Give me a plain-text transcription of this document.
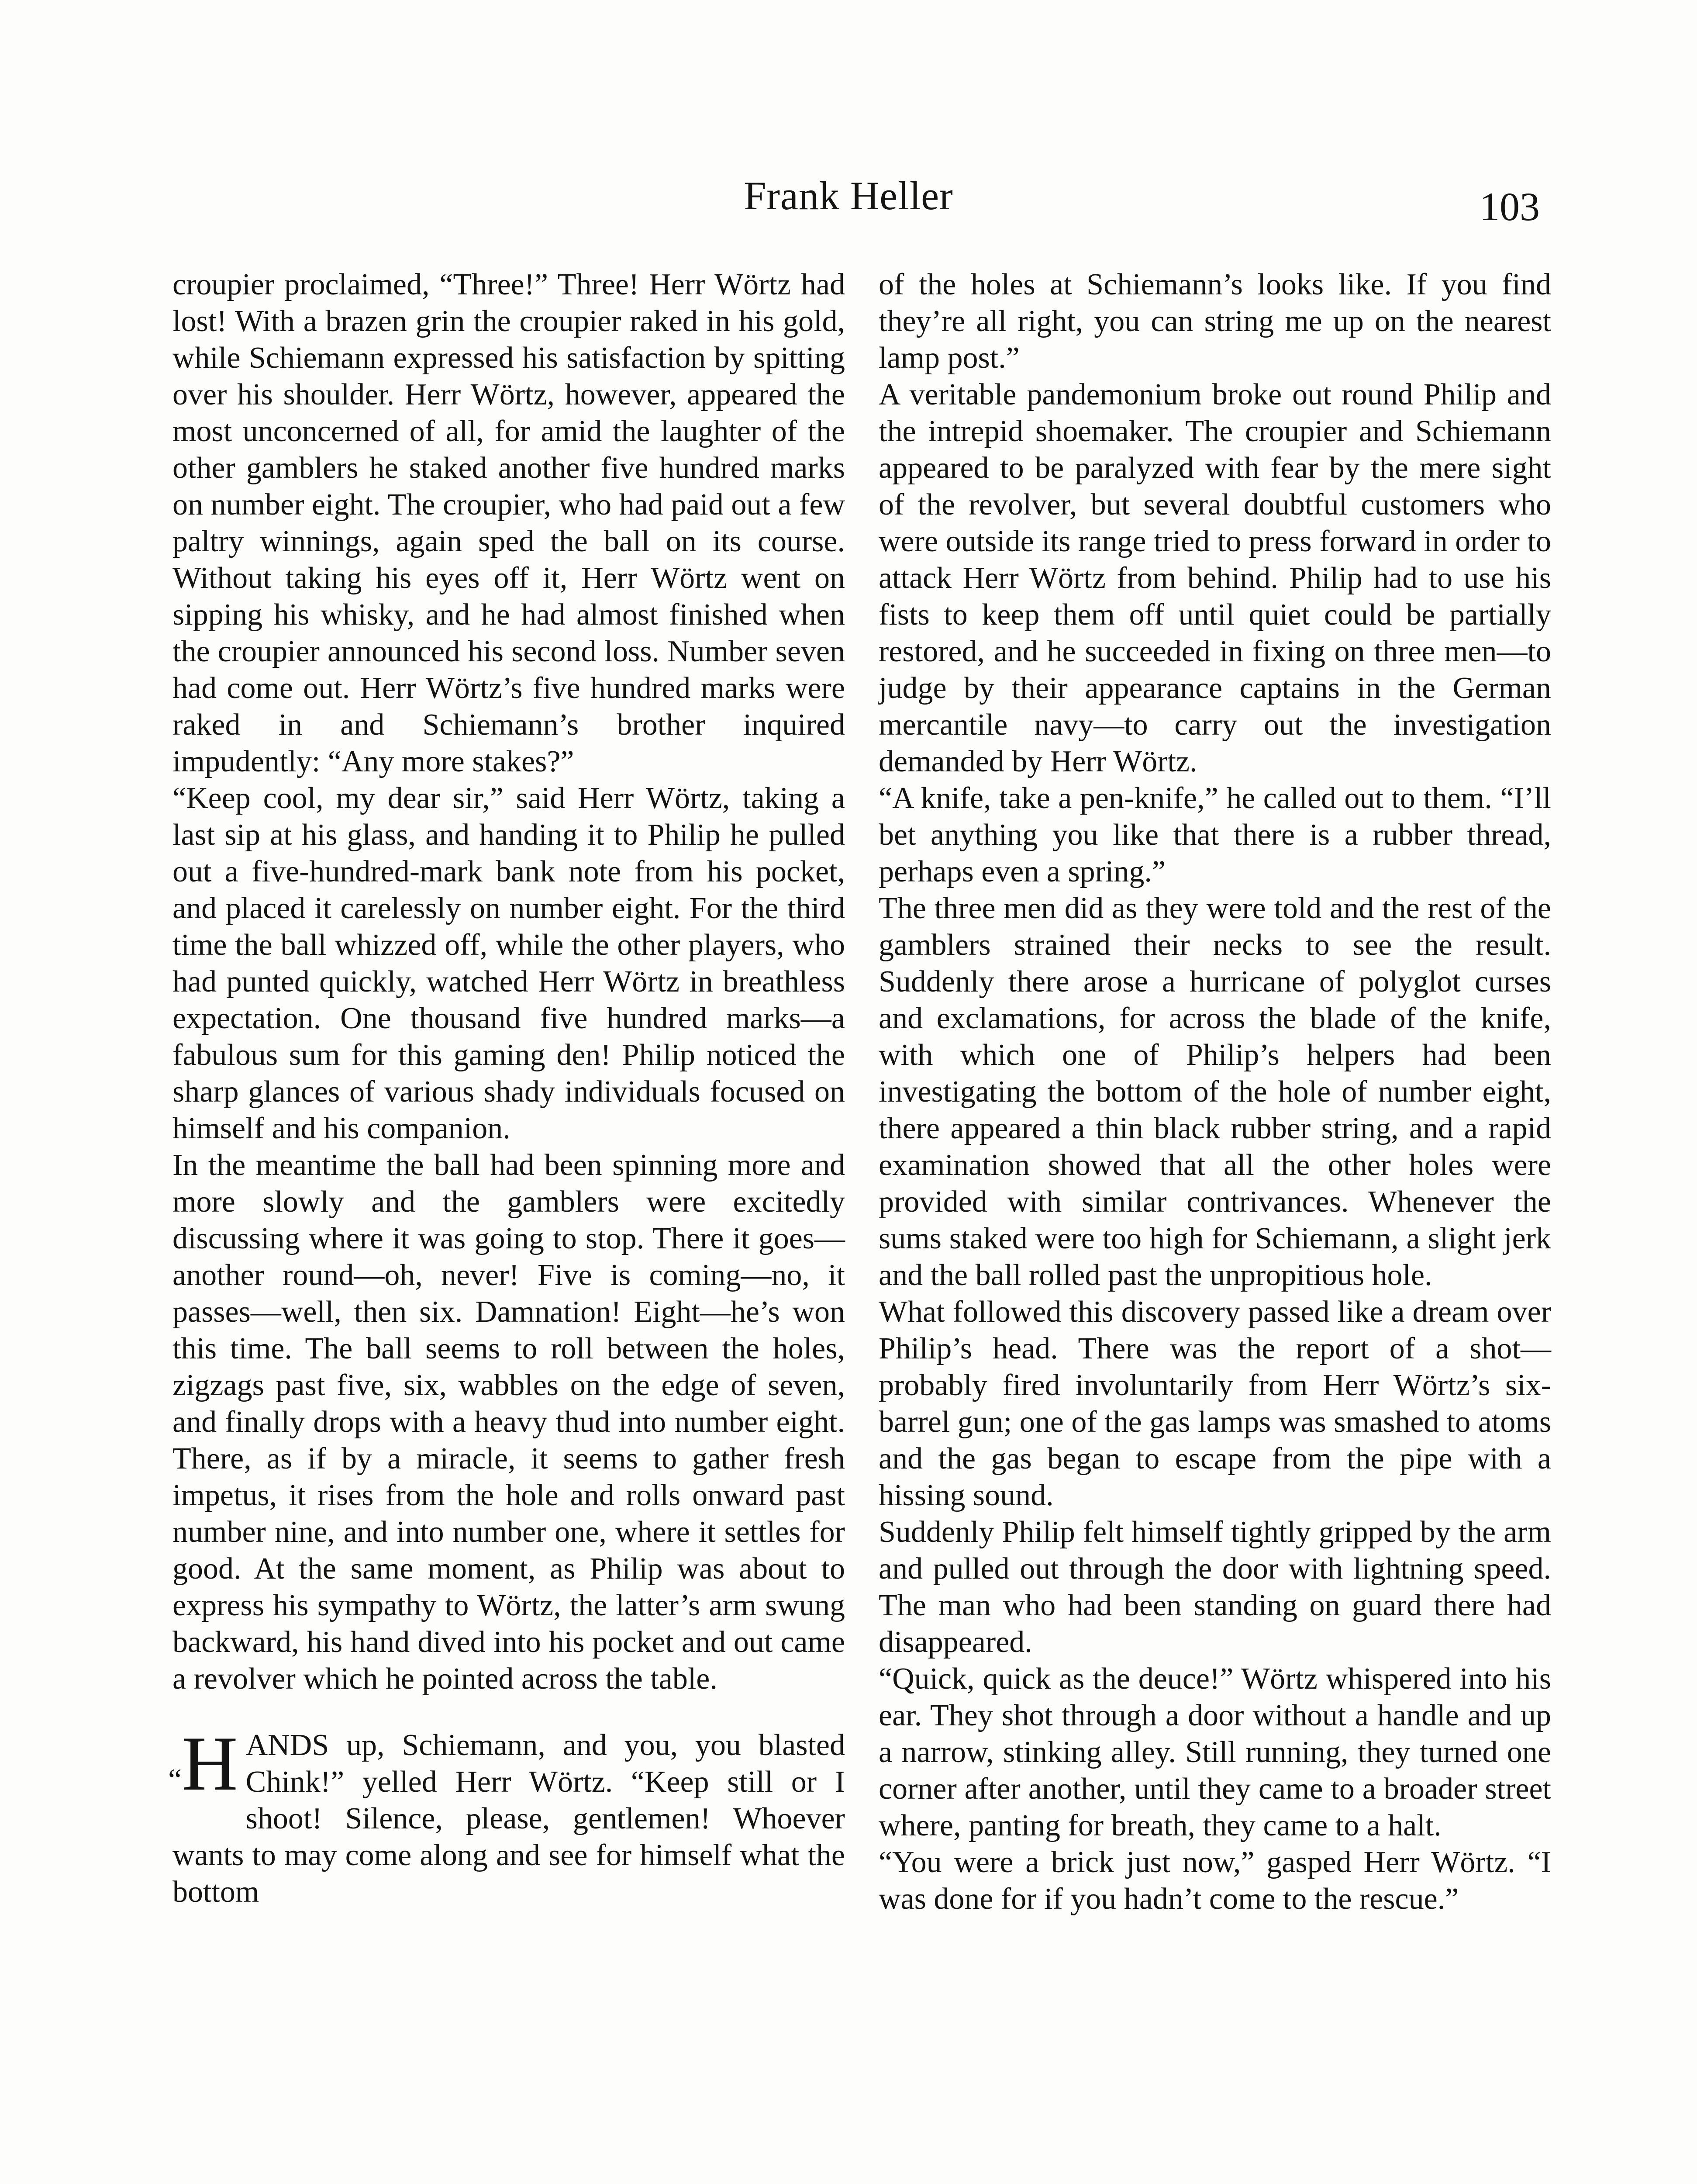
Frank Heller	103

croupier proclaimed, “Three!” Three! Herr Wörtz had lost! With a brazen grin the croupier raked in his gold, while Schiemann expressed his satisfaction by spitting over his shoulder. Herr Wörtz, however, appeared the most unconcerned of all, for amid the laughter of the other gamblers he staked another five hundred marks on number eight. The croupier, who had paid out a few paltry winnings, again sped the ball on its course. Without taking his eyes off it, Herr Wörtz went on sipping his whisky, and he had almost finished when the croupier announced his second loss. Number seven had come out. Herr Wörtz’s five hundred marks were raked in and Schiemann’s brother inquired impudently: “Any more stakes?”

“Keep cool, my dear sir,” said Herr Wörtz, taking a last sip at his glass, and handing it to Philip he pulled out a five-hundred-mark bank note from his pocket, and placed it carelessly on number eight. For the third time the ball whizzed off, while the other players, who had punted quickly, watched Herr Wörtz in breathless expectation. One thousand five hundred marks—a fabulous sum for this gaming den! Philip noticed the sharp glances of various shady individuals focused on himself and his companion.

In the meantime the ball had been spinning more and more slowly and the gamblers were excitedly discussing where it was going to stop. There it goes—another round—oh, never! Five is coming—no, it passes—well, then six. Damnation! Eight—he’s won this time. The ball seems to roll between the holes, zigzags past five, six, wabbles on the edge of seven, and finally drops with a heavy thud into number eight. There, as if by a miracle, it seems to gather fresh impetus, it rises from the hole and rolls onward past number nine, and into number one, where it settles for good. At the same moment, as Philip was about to express his sympathy to Wörtz, the latter’s arm swung backward, his hand dived into his pocket and out came a revolver which he pointed across the table.

“H ANDS up, Schiemann, and you, you blasted Chink!” yelled Herr Wörtz. “Keep still or I shoot! Silence, please, gentlemen! Whoever wants to may come along and see for himself what the bottom

of the holes at Schiemann’s looks like. If you find they’re all right, you can string me up on the nearest lamp post.”

A veritable pandemonium broke out round Philip and the intrepid shoemaker. The croupier and Schiemann appeared to be paralyzed with fear by the mere sight of the revolver, but several doubtful customers who were outside its range tried to press forward in order to attack Herr Wörtz from behind. Philip had to use his fists to keep them off until quiet could be partially restored, and he succeeded in fixing on three men—to judge by their appearance captains in the German mercantile navy—to carry out the investigation demanded by Herr Wörtz.

“A knife, take a pen-knife,” he called out to them. “I’ll bet anything you like that there is a rubber thread, perhaps even a spring.”

The three men did as they were told and the rest of the gamblers strained their necks to see the result. Suddenly there arose a hurricane of polyglot curses and exclamations, for across the blade of the knife, with which one of Philip’s helpers had been investigating the bottom of the hole of number eight, there appeared a thin black rubber string, and a rapid examination showed that all the other holes were provided with similar contrivances. Whenever the sums staked were too high for Schiemann, a slight jerk and the ball rolled past the unpropitious hole.

What followed this discovery passed like a dream over Philip’s head. There was the report of a shot—probably fired involuntarily from Herr Wörtz’s six-barrel gun; one of the gas lamps was smashed to atoms and the gas began to escape from the pipe with a hissing sound.

Suddenly Philip felt himself tightly gripped by the arm and pulled out through the door with lightning speed. The man who had been standing on guard there had disappeared.

“Quick, quick as the deuce!” Wörtz whispered into his ear. They shot through a door without a handle and up a narrow, stinking alley. Still running, they turned one corner after another, until they came to a broader street where, panting for breath, they came to a halt.

“You were a brick just now,” gasped Herr Wörtz. “I was done for if you hadn’t come to the rescue.”
